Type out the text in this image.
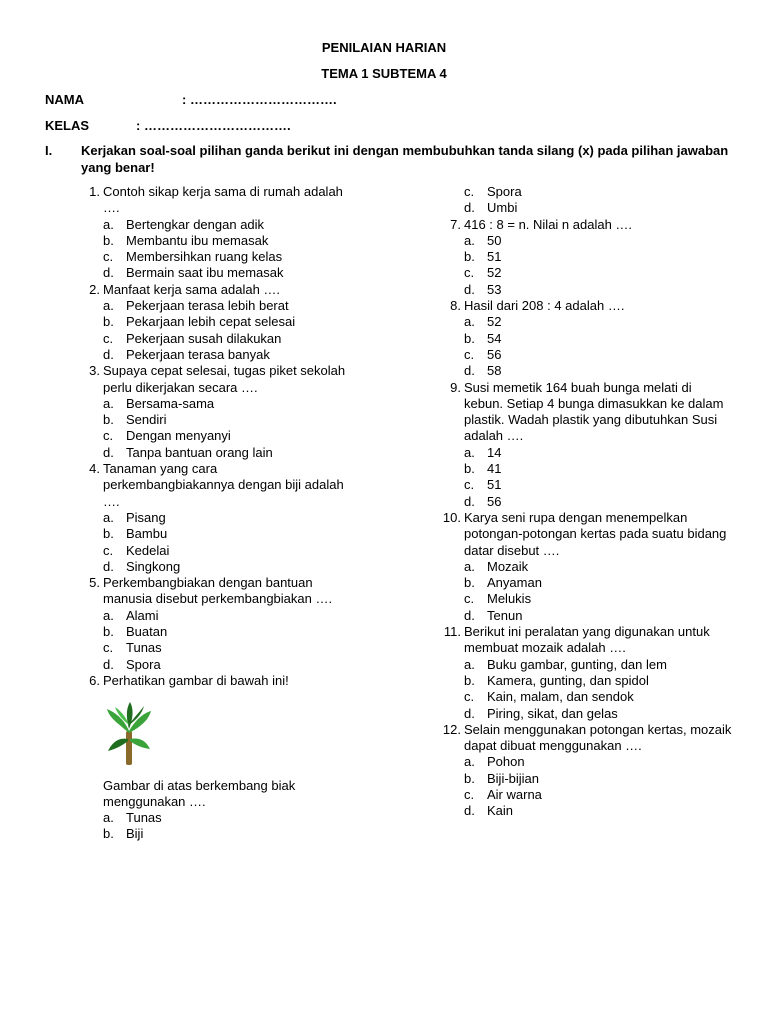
PENILAIAN HARIAN
TEMA 1 SUBTEMA 4
NAMA	: …………………………….
KELAS	: …………………………….
I. Kerjakan soal-soal pilihan ganda berikut ini dengan membubuhkan tanda silang (x) pada pilihan jawaban yang benar!
1. Contoh sikap kerja sama di rumah adalah ….
a. Bertengkar dengan adik
b. Membantu ibu memasak
c. Membersihkan ruang kelas
d. Bermain saat ibu memasak
2. Manfaat kerja sama adalah ….
a. Pekerjaan terasa lebih berat
b. Pekarjaan lebih cepat selesai
c. Pekerjaan susah dilakukan
d. Pekerjaan terasa banyak
3. Supaya cepat selesai, tugas piket sekolah perlu dikerjakan secara ….
a. Bersama-sama
b. Sendiri
c. Dengan menyanyi
d. Tanpa bantuan orang lain
4. Tanaman yang cara perkembangbiakannya dengan biji adalah ….
a. Pisang
b. Bambu
c. Kedelai
d. Singkong
5. Perkembangbiakan dengan bantuan manusia disebut perkembangbiakan ….
a. Alami
b. Buatan
c. Tunas
d. Spora
6. Perhatikan gambar di bawah ini!
Gambar di atas berkembang biak menggunakan ….
a. Tunas
b. Biji
c. Spora
d. Umbi
7. 416 : 8 = n. Nilai n adalah ….
a. 50
b. 51
c. 52
d. 53
8. Hasil dari 208 : 4 adalah ….
a. 52
b. 54
c. 56
d. 58
9. Susi memetik 164 buah bunga melati di kebun. Setiap 4 bunga dimasukkan ke dalam plastik. Wadah plastik yang dibutuhkan Susi adalah ….
a. 14
b. 41
c. 51
d. 56
10. Karya seni rupa dengan menempelkan potongan-potongan kertas pada suatu bidang datar disebut ….
a. Mozaik
b. Anyaman
c. Melukis
d. Tenun
11. Berikut ini peralatan yang digunakan untuk membuat mozaik adalah ….
a. Buku gambar, gunting, dan lem
b. Kamera, gunting, dan spidol
c. Kain, malam, dan sendok
d. Piring, sikat, dan gelas
12. Selain menggunakan potongan kertas, mozaik dapat dibuat menggunakan ….
a. Pohon
b. Biji-bijian
c. Air warna
d. Kain
